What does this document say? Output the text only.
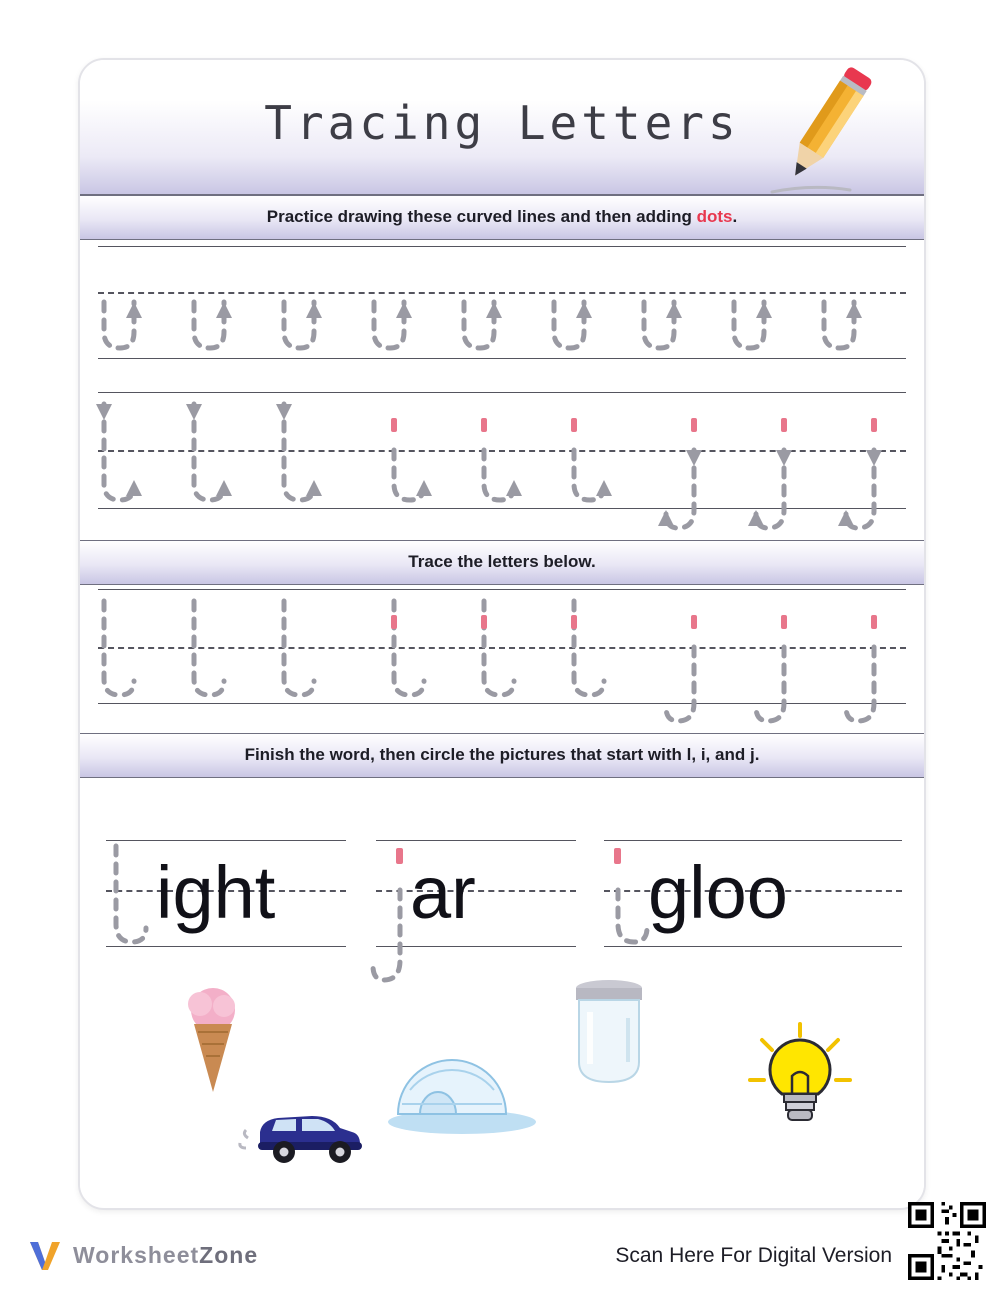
Tracing Letters
Practice drawing these curved lines and then adding dots.
Trace the letters below.
Finish the word, then circle the pictures that start with l, i, and j.
ight ar gloo
WorksheetZone	Scan Here For Digital Version
